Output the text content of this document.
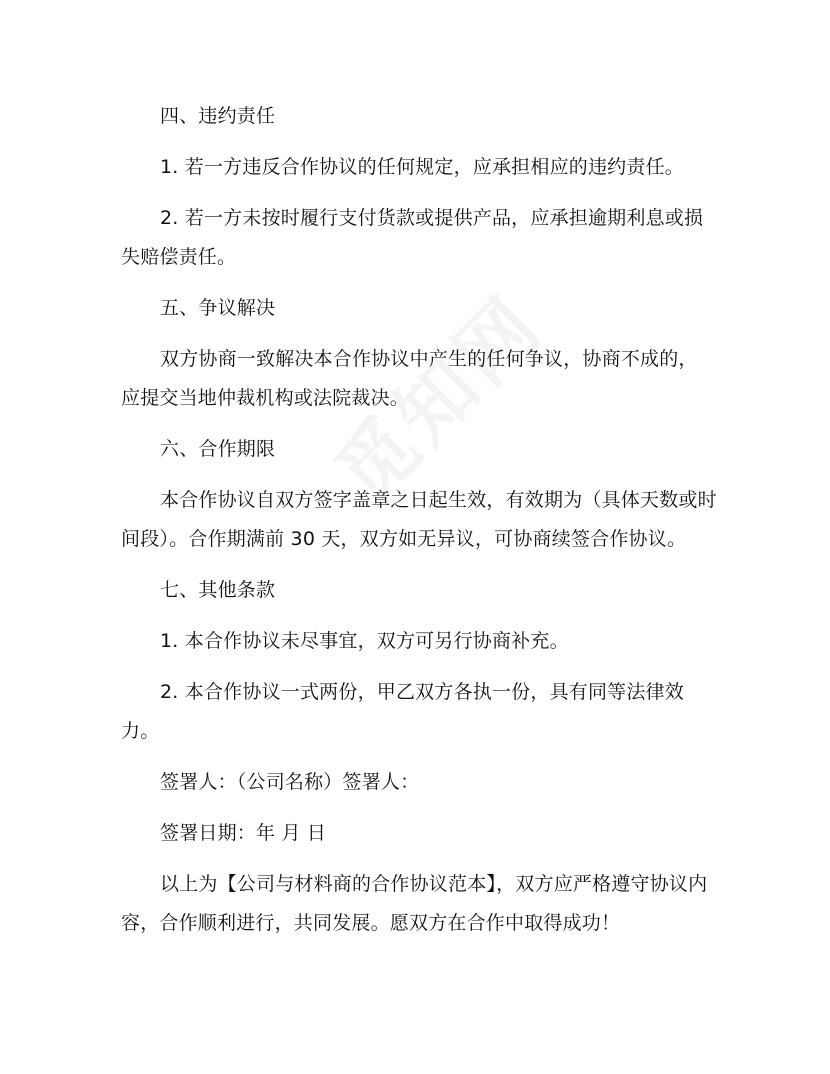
四、违约责任
1. 若一方违反合作协议的任何规定，应承担相应的违约责任。
2. 若一方未按时履行支付货款或提供产品，应承担逾期利息或损
失赔偿责任。
五、争议解决
双方协商一致解决本合作协议中产生的任何争议，协商不成的，
应提交当地仲裁机构或法院裁决。
六、合作期限
本合作协议自双方签字盖章之日起生效，有效期为（具体天数或时
间段）。合作期满前 30 天，双方如无异议，可协商续签合作协议。
七、其他条款
1. 本合作协议未尽事宜，双方可另行协商补充。
2. 本合作协议一式两份，甲乙双方各执一份，具有同等法律效
力。
签署人：（公司名称）签署人：
签署日期：年 月 日
以上为【公司与材料商的合作协议范本】，双方应严格遵守协议内
容，合作顺利进行，共同发展。愿双方在合作中取得成功！
